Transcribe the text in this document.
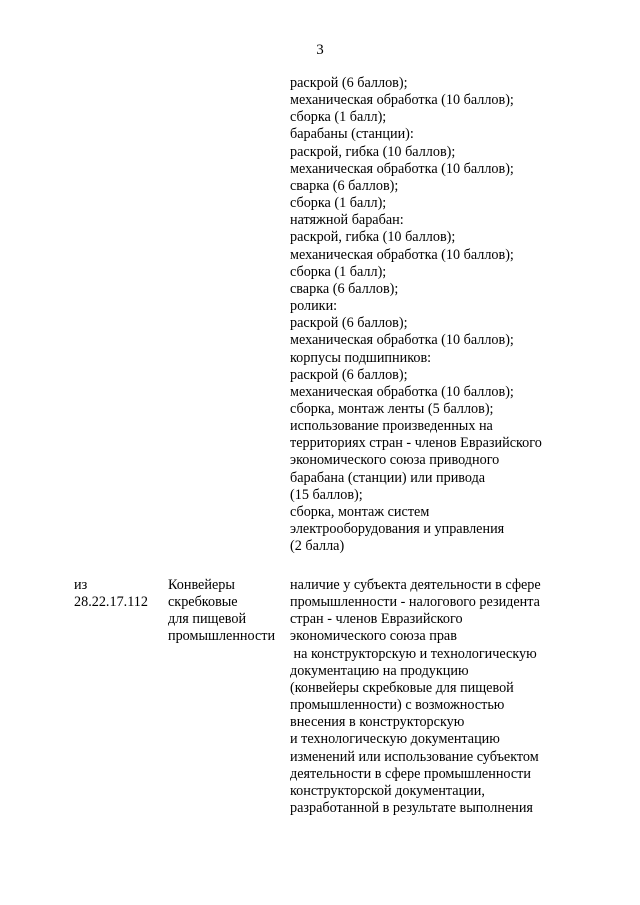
3
раскрой (6 баллов);
механическая обработка (10 баллов);
сборка (1 балл);
барабаны (станции):
раскрой, гибка (10 баллов);
механическая обработка (10 баллов);
сварка (6 баллов);
сборка (1 балл);
натяжной барабан:
раскрой, гибка (10 баллов);
механическая обработка (10 баллов);
сборка (1 балл);
сварка (6 баллов);
ролики:
раскрой (6 баллов);
механическая обработка (10 баллов);
корпусы подшипников:
раскрой (6 баллов);
механическая обработка (10 баллов);
сборка, монтаж ленты (5 баллов);
использование произведенных на
территориях стран - членов Евразийского
экономического союза приводного
барабана (станции) или привода
(15 баллов);
сборка, монтаж систем
электрооборудования и управления
(2 балла)
из
28.22.17.112
Конвейеры
скребковые
для пищевой
промышленности
наличие у субъекта деятельности в сфере
промышленности - налогового резидента
стран - членов Евразийского
экономического союза прав
на конструкторскую и технологическую
документацию на продукцию
(конвейеры скребковые для пищевой
промышленности) с возможностью
внесения в конструкторскую
и технологическую документацию
изменений или использование субъектом
деятельности в сфере промышленности
конструкторской документации,
разработанной в результате выполнения
